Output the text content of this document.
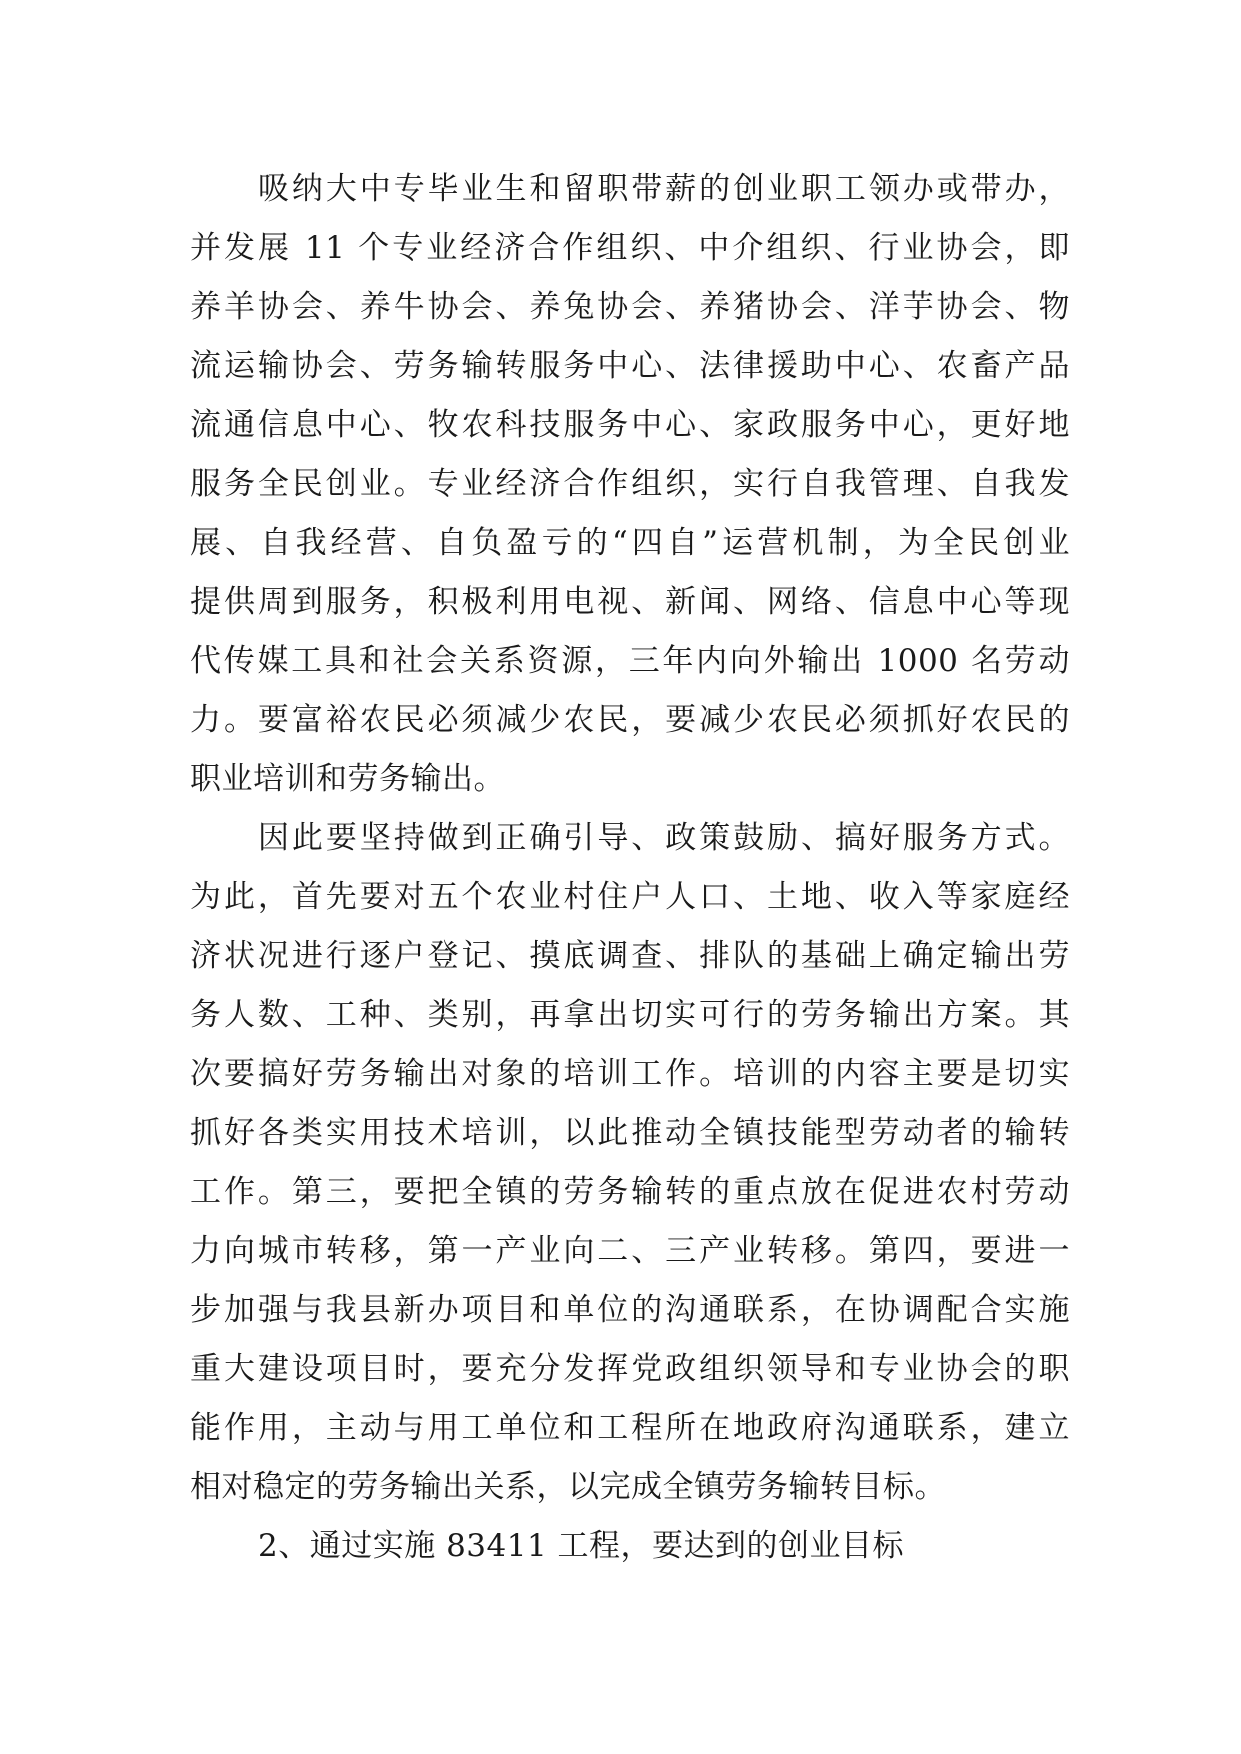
吸纳大中专毕业生和留职带薪的创业职工领办或带办，
并发展 11 个专业经济合作组织、中介组织、行业协会，即
养羊协会、养牛协会、养兔协会、养猪协会、洋芋协会、物
流运输协会、劳务输转服务中心、法律援助中心、农畜产品
流通信息中心、牧农科技服务中心、家政服务中心，更好地
服务全民创业。专业经济合作组织，实行自我管理、自我发
展、自我经营、自负盈亏的“四自”运营机制，为全民创业
提供周到服务，积极利用电视、新闻、网络、信息中心等现
代传媒工具和社会关系资源，三年内向外输出 1000 名劳动
力。要富裕农民必须减少农民，要减少农民必须抓好农民的
职业培训和劳务输出。
因此要坚持做到正确引导、政策鼓励、搞好服务方式。
为此，首先要对五个农业村住户人口、土地、收入等家庭经
济状况进行逐户登记、摸底调查、排队的基础上确定输出劳
务人数、工种、类别，再拿出切实可行的劳务输出方案。其
次要搞好劳务输出对象的培训工作。培训的内容主要是切实
抓好各类实用技术培训，以此推动全镇技能型劳动者的输转
工作。第三，要把全镇的劳务输转的重点放在促进农村劳动
力向城市转移，第一产业向二、三产业转移。第四，要进一
步加强与我县新办项目和单位的沟通联系，在协调配合实施
重大建设项目时，要充分发挥党政组织领导和专业协会的职
能作用，主动与用工单位和工程所在地政府沟通联系，建立
相对稳定的劳务输出关系，以完成全镇劳务输转目标。
2、通过实施 83411 工程，要达到的创业目标
